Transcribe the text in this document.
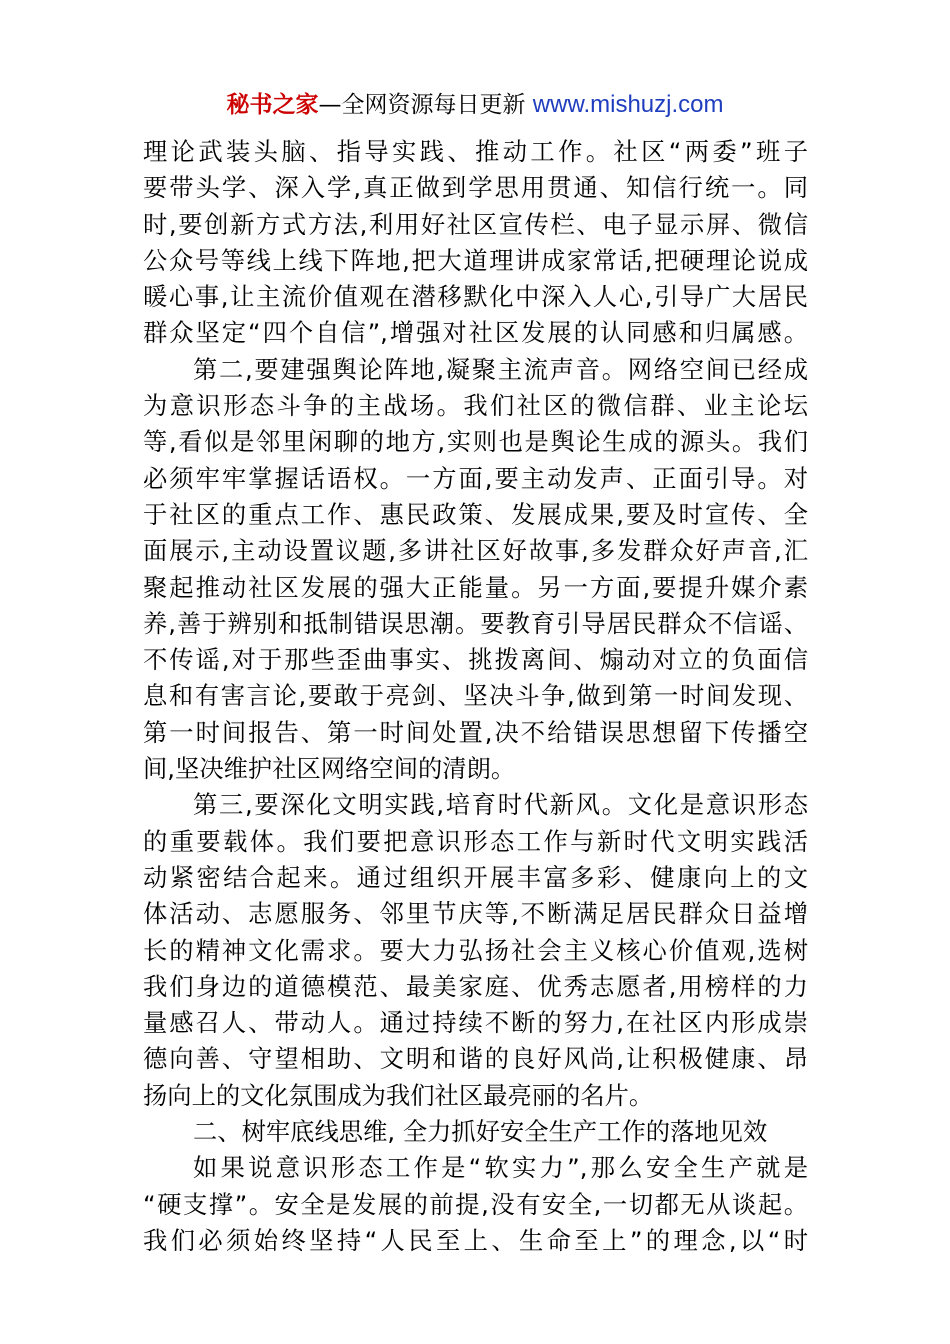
秘书之家—全网资源每日更新 www.mishuzj.com
理论武装头脑、指导实践、推动工作。社区“两委”班子
要带头学、深入学,真正做到学思用贯通、知信行统一。同
时,要创新方式方法,利用好社区宣传栏、电子显示屏、微信
公众号等线上线下阵地,把大道理讲成家常话,把硬理论说成
暖心事,让主流价值观在潜移默化中深入人心,引导广大居民
群众坚定“四个自信”,增强对社区发展的认同感和归属感。
第二,要建强舆论阵地,凝聚主流声音。网络空间已经成
为意识形态斗争的主战场。我们社区的微信群、业主论坛
等,看似是邻里闲聊的地方,实则也是舆论生成的源头。我们
必须牢牢掌握话语权。一方面,要主动发声、正面引导。对
于社区的重点工作、惠民政策、发展成果,要及时宣传、全
面展示,主动设置议题,多讲社区好故事,多发群众好声音,汇
聚起推动社区发展的强大正能量。另一方面,要提升媒介素
养,善于辨别和抵制错误思潮。要教育引导居民群众不信谣、
不传谣,对于那些歪曲事实、挑拨离间、煽动对立的负面信
息和有害言论,要敢于亮剑、坚决斗争,做到第一时间发现、
第一时间报告、第一时间处置,决不给错误思想留下传播空
间,坚决维护社区网络空间的清朗。
第三,要深化文明实践,培育时代新风。文化是意识形态
的重要载体。我们要把意识形态工作与新时代文明实践活
动紧密结合起来。通过组织开展丰富多彩、健康向上的文
体活动、志愿服务、邻里节庆等,不断满足居民群众日益增
长的精神文化需求。要大力弘扬社会主义核心价值观,选树
我们身边的道德模范、最美家庭、优秀志愿者,用榜样的力
量感召人、带动人。通过持续不断的努力,在社区内形成崇
德向善、守望相助、文明和谐的良好风尚,让积极健康、昂
扬向上的文化氛围成为我们社区最亮丽的名片。
二、树牢底线思维, 全力抓好安全生产工作的落地见效
如果说意识形态工作是“软实力”,那么安全生产就是
“硬支撑”。安全是发展的前提,没有安全,一切都无从谈起。
我们必须始终坚持“人民至上、生命至上”的理念,以“时
